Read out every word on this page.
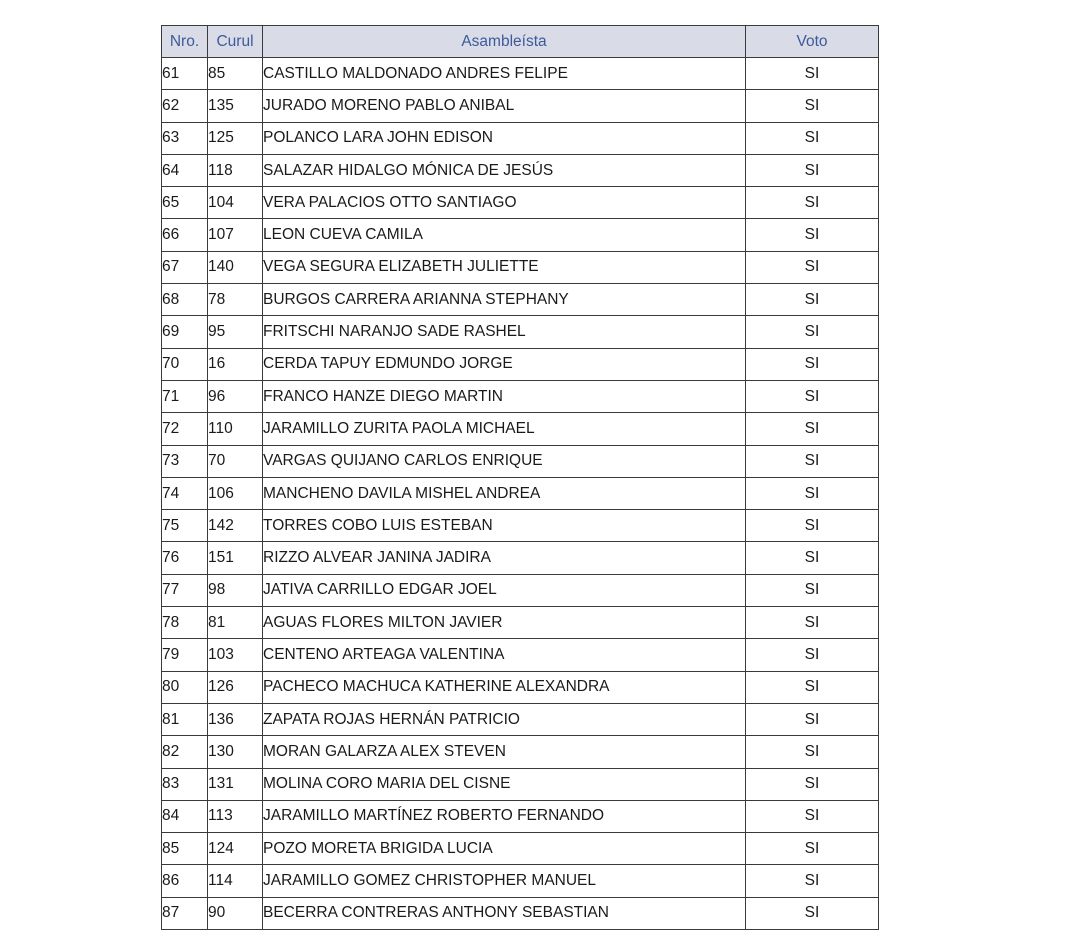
Nro.	Curul	Asambleísta	Voto
61	85	CASTILLO MALDONADO ANDRES FELIPE	SI
62	135	JURADO MORENO PABLO ANIBAL	SI
63	125	POLANCO LARA JOHN EDISON	SI
64	118	SALAZAR HIDALGO MÓNICA DE JESÚS	SI
65	104	VERA PALACIOS OTTO SANTIAGO	SI
66	107	LEON CUEVA CAMILA	SI
67	140	VEGA SEGURA ELIZABETH JULIETTE	SI
68	78	BURGOS CARRERA ARIANNA STEPHANY	SI
69	95	FRITSCHI NARANJO SADE RASHEL	SI
70	16	CERDA TAPUY EDMUNDO JORGE	SI
71	96	FRANCO HANZE DIEGO MARTIN	SI
72	110	JARAMILLO ZURITA PAOLA MICHAEL	SI
73	70	VARGAS QUIJANO CARLOS ENRIQUE	SI
74	106	MANCHENO DAVILA MISHEL ANDREA	SI
75	142	TORRES COBO LUIS ESTEBAN	SI
76	151	RIZZO ALVEAR JANINA JADIRA	SI
77	98	JATIVA CARRILLO EDGAR JOEL	SI
78	81	AGUAS FLORES MILTON JAVIER	SI
79	103	CENTENO ARTEAGA VALENTINA	SI
80	126	PACHECO MACHUCA KATHERINE ALEXANDRA	SI
81	136	ZAPATA ROJAS HERNÁN PATRICIO	SI
82	130	MORAN GALARZA ALEX STEVEN	SI
83	131	MOLINA CORO MARIA DEL CISNE	SI
84	113	JARAMILLO MARTÍNEZ ROBERTO FERNANDO	SI
85	124	POZO MORETA BRIGIDA LUCIA	SI
86	114	JARAMILLO GOMEZ CHRISTOPHER MANUEL	SI
87	90	BECERRA CONTRERAS ANTHONY SEBASTIAN	SI
